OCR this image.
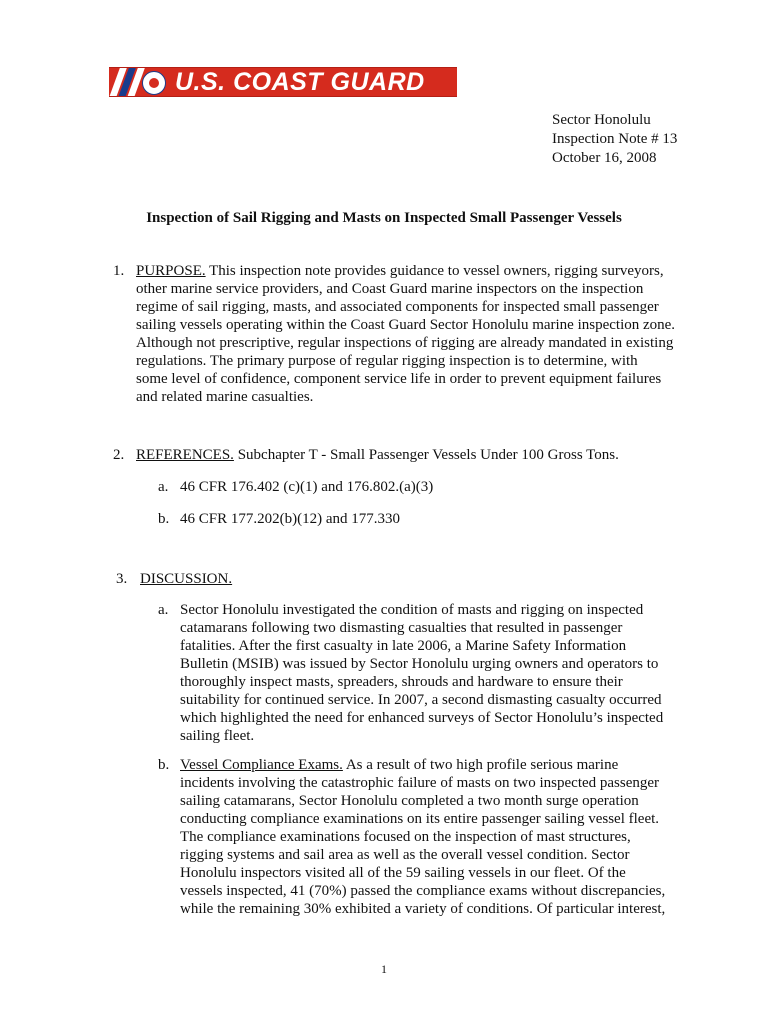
U.S. COAST GUARD
Sector Honolulu
Inspection Note # 13
October 16, 2008
Inspection of Sail Rigging and Masts on Inspected Small Passenger Vessels
1. PURPOSE. This inspection note provides guidance to vessel owners, rigging surveyors,
other marine service providers, and Coast Guard marine inspectors on the inspection
regime of sail rigging, masts, and associated components for inspected small passenger
sailing vessels operating within the Coast Guard Sector Honolulu marine inspection zone.
Although not prescriptive, regular inspections of rigging are already mandated in existing
regulations. The primary purpose of regular rigging inspection is to determine, with
some level of confidence, component service life in order to prevent equipment failures
and related marine casualties.
2. REFERENCES. Subchapter T - Small Passenger Vessels Under 100 Gross Tons.
a. 46 CFR 176.402 (c)(1) and 176.802.(a)(3)
b. 46 CFR 177.202(b)(12) and 177.330
3. DISCUSSION.
a. Sector Honolulu investigated the condition of masts and rigging on inspected
catamarans following two dismasting casualties that resulted in passenger
fatalities. After the first casualty in late 2006, a Marine Safety Information
Bulletin (MSIB) was issued by Sector Honolulu urging owners and operators to
thoroughly inspect masts, spreaders, shrouds and hardware to ensure their
suitability for continued service. In 2007, a second dismasting casualty occurred
which highlighted the need for enhanced surveys of Sector Honolulu’s inspected
sailing fleet.
b. Vessel Compliance Exams. As a result of two high profile serious marine
incidents involving the catastrophic failure of masts on two inspected passenger
sailing catamarans, Sector Honolulu completed a two month surge operation
conducting compliance examinations on its entire passenger sailing vessel fleet.
The compliance examinations focused on the inspection of mast structures,
rigging systems and sail area as well as the overall vessel condition. Sector
Honolulu inspectors visited all of the 59 sailing vessels in our fleet. Of the
vessels inspected, 41 (70%) passed the compliance exams without discrepancies,
while the remaining 30% exhibited a variety of conditions. Of particular interest,
1
